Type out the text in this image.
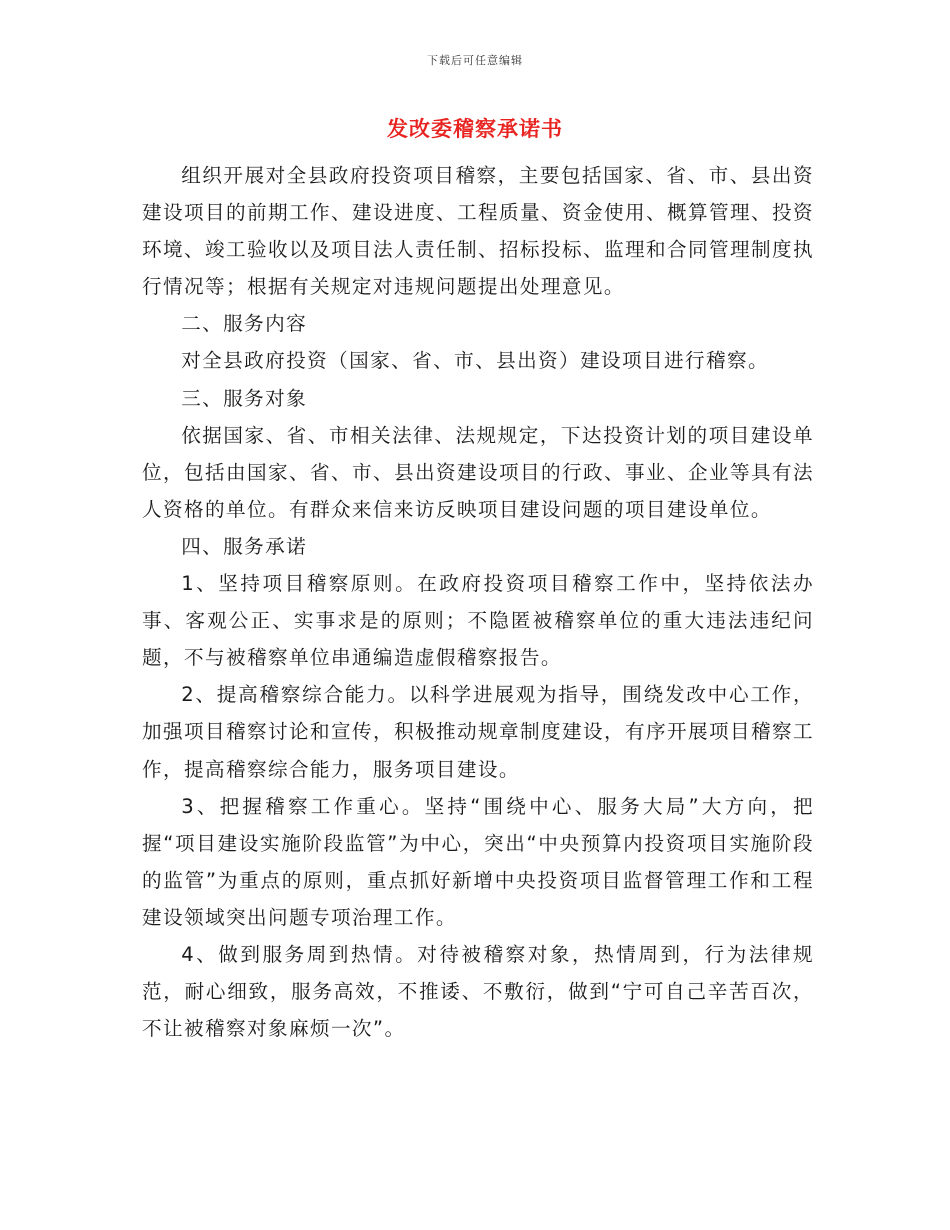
下载后可任意编辑
发改委稽察承诺书

组织开展对全县政府投资项目稽察，主要包括国家、省、市、县出资建设项目的前期工作、建设进度、工程质量、资金使用、概算管理、投资环境、竣工验收以及项目法人责任制、招标投标、监理和合同管理制度执行情况等；根据有关规定对违规问题提出处理意见。

二、服务内容

对全县政府投资（国家、省、市、县出资）建设项目进行稽察。

三、服务对象

依据国家、省、市相关法律、法规规定，下达投资计划的项目建设单位，包括由国家、省、市、县出资建设项目的行政、事业、企业等具有法人资格的单位。有群众来信来访反映项目建设问题的项目建设单位。

四、服务承诺

1、坚持项目稽察原则。在政府投资项目稽察工作中，坚持依法办事、客观公正、实事求是的原则；不隐匿被稽察单位的重大违法违纪问题，不与被稽察单位串通编造虚假稽察报告。

2、提高稽察综合能力。以科学进展观为指导，围绕发改中心工作，加强项目稽察讨论和宣传，积极推动规章制度建设，有序开展项目稽察工作，提高稽察综合能力，服务项目建设。

3、把握稽察工作重心。坚持“围绕中心、服务大局”大方向，把握“项目建设实施阶段监管”为中心，突出“中央预算内投资项目实施阶段的监管”为重点的原则，重点抓好新增中央投资项目监督管理工作和工程建设领域突出问题专项治理工作。

4、做到服务周到热情。对待被稽察对象，热情周到，行为法律规范，耐心细致，服务高效，不推诿、不敷衍，做到“宁可自己辛苦百次，不让被稽察对象麻烦一次”。
